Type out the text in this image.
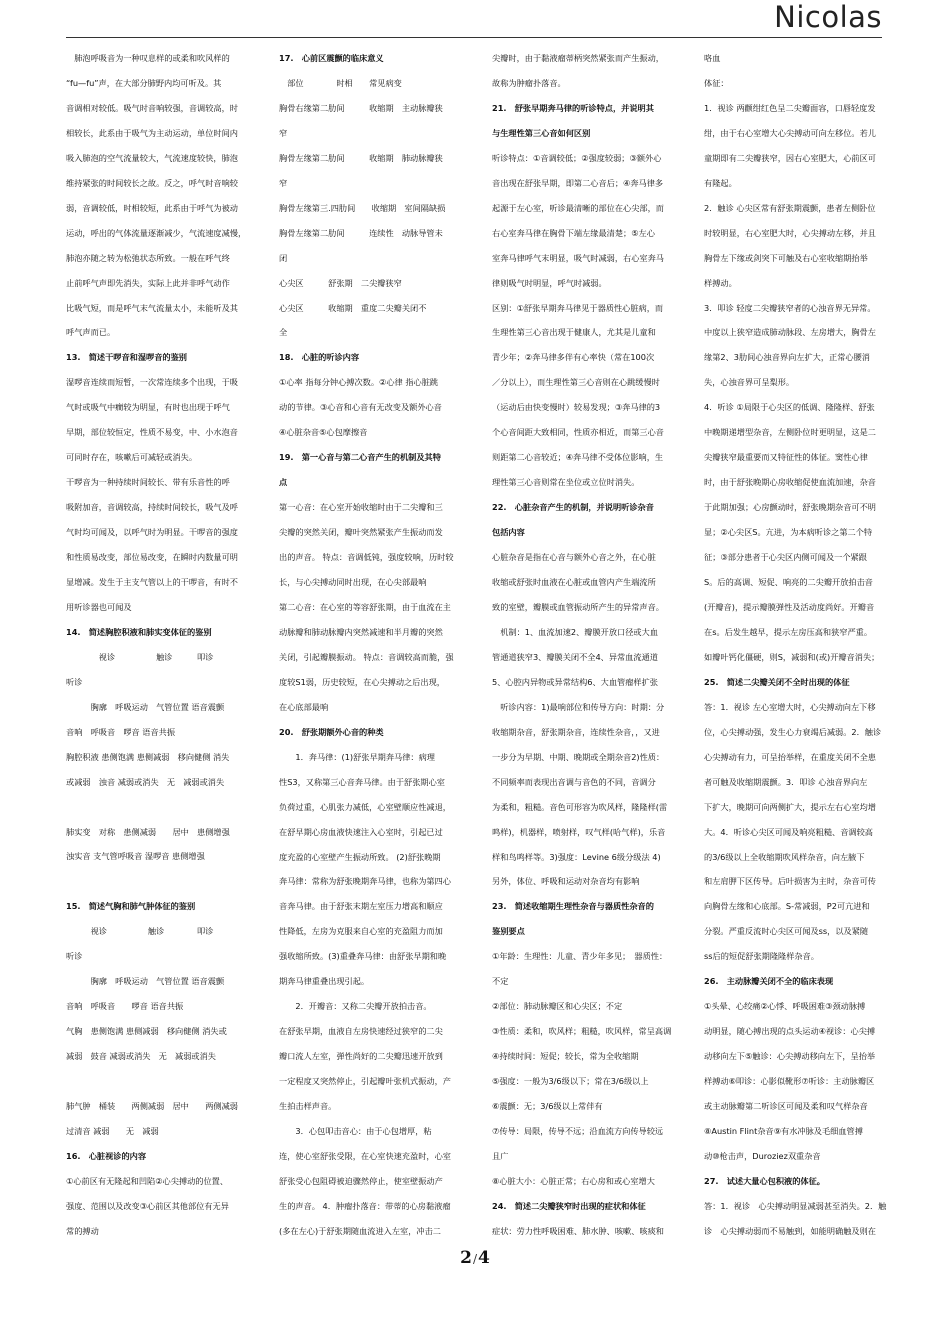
Nicolas

　肺泡呼吸音为一种叹息样的或柔和吹风样的

“fu—fu”声，在大部分肺野内均可听及。其

音调相对较低。吸气时音响较强，音调较高，时

相较长，此系由于吸气为主动运动，单位时间内

吸入肺泡的空气流量较大，气流速度较快，肺泡

维持紧张的时间较长之故。反之，呼气时音响较

弱，音调较低，时相较短，此系由于呼气为被动

运动，呼出的气体流量逐渐减少，气流速度减慢，

肺泡亦随之转为松弛状态所致。一般在呼气终

止前呼气声即先消失，实际上此并非呼气动作

比吸气短，而是呼气末气流量太小，未能听及其

呼气声而已。

13.　简述干啰音和湿啰音的鉴别

湿啰音连续而短暂，一次常连续多个出现，于吸

气时或吸气中癎较为明显，有时也出现于呼气

早期，部位较恒定，性质不易变，中、小水泡音

可同时存在，咳嗽后可减轻或消失。

干啰音为一种持续时间较长、带有乐音性的呼

吸附加音，音调较高，持续时间较长，吸气及呼

气时均可闻及，以呼气时为明显。干啰音的强度

和性质易改变，部位易改变，在瞬时内数量可明

显增减。发生于主支气管以上的干啰音，有时不

用听诊器也可闻及

14.　简述胸腔积液和肺实变体征的鉴别

　　　　视诊　　　　　触诊　　　叩诊

听诊

　　　胸廓　呼吸运动　气管位置 语音震颤

音响　呼吸音　啰音 语音共振

胸腔积液 患侧饱满 患侧减弱　移向健侧 消失

或减弱　浊音 减弱或消失　无　减弱或消失

肺实变　对称　患侧减弱　　居中　患侧增强

浊实音 支气管呼吸音 湿啰音 患侧增强

15.　简述气胸和肺气肿体征的鉴别

　　　视诊　　　　　触诊　　　　叩诊

听诊

　　　胸廓　呼吸运动　气管位置 语音震颤

音响　呼吸音　　啰音 语音共振

气胸　患侧饱满 患侧减弱　移向健侧 消失或

减弱　鼓音 减弱或消失　无　减弱或消失

肺气肿　桶装　　两侧减弱　居中　　两侧减弱

过清音 减弱　　无　减弱

16.　心脏视诊的内容

①心前区有无隆起和凹陷②心尖搏动的位置、

强度、范围以及改变③心前区其他部位有无异

常的搏动

17.　心前区震颤的临床意义

　部位　　　　时相　　常见病变

胸骨右缘第二肋间　　　收缩期　主动脉瓣狭

窄

胸骨左缘第二肋间　　　收缩期　肺动脉瓣狭

窄

胸骨左缘第三.四肋间　　收缩期　室间隔缺损

胸骨左缘第二肋间　　　连续性　动脉导管未

闭

心尖区　　　舒张期　二尖瓣狭窄

心尖区　　　收缩期　重度二尖瓣关闭不

全

18.　心脏的听诊内容

①心率 指每分钟心搏次数。②心律 指心脏跳

动的节律。③心音和心音有无改变及额外心音

④心脏杂音⑤心包摩擦音

19.　第一心音与第二心音产生的机制及其特

点

第一心音：在心室开始收缩时由于二尖瓣和三

尖瓣的突然关闭，瓣叶突然紧张产生振动而发

出的声音。 特点：音调低钝，强度较响，历时较

长，与心尖搏动同时出现，在心尖部最响

第二心音：在心室的等容舒张期，由于血流在主

动脉瓣和肺动脉瓣内突然减速和半月瓣的突然

关闭，引起瓣膜振动。 特点：音调较高而脆，强

度较S1弱，历史较短，在心尖搏动之后出现，

在心底部最响

20.　舒张期额外心音的种类

　　1．奔马律：(1)舒张早期奔马律：病理

性S3，又称第三心音奔马律。由于舒张期心室

负荷过重，心肌张力减低，心室壁顺应性减退，

在舒早期心房血液快速注入心室时，引起已过

度充盈的心室壁产生振动所致。 (2)舒张晚期

奔马律：常称为舒张晚期奔马律，也称为第四心

音奔马律。由于舒张末期左室压力增高和顺应

性降低，左房为克服来自心室的充盈阻力而加

强收缩所致。(3)重叠奔马律：由舒张早期和晚

期奔马律重叠出现引起。

　　2．开瓣音：又称二尖瓣开放拍击音。

在舒张早期，血液自左房快速经过狭窄的二尖

瓣口流人左室，弹性尚好的二尖瓣迅速开放到

一定程度又突然停止，引起瓣叶张机式振动，产

生拍击样声音。

　　3．心包叩击音心：由于心包增厚，粘

连，使心室舒张受限，在心室快速充盈时，心室

舒张受心包阻碍被迫骤然停止，使室壁振动产

生的声音。 4．肿瘤扑落音：带蒂的心房黏液瘤

(多在左心)于舒张期随血流进入左室，冲击二

尖瓣时，由于黏液瘤蒂柄突然紧张而产生振动，

故称为肿瘤扑落音。

21.　舒张早期奔马律的听诊特点，并说明其

与生理性第三心音如何区别

听诊特点：①音调较低；②强度较弱；③额外心

音出现在舒张早期，即第二心音后；④奔马律多

起源于左心室，听诊最清晰的部位在心尖部，而

右心室奔马律在胸骨下端左缘最清楚；⑤左心

室奔马律呼气末明显，吸气时减弱，右心室奔马

律则吸气时明显，呼气时减弱。

区别：①舒张早期奔马律见于器质性心脏病，而

生理性第三心音出现于健康人，尤其是儿童和

青少年；②奔马律多伴有心率快（常在100次

／分以上），而生理性第三心音则在心跳缓慢时

（运动后由快变慢时）较易发现；③奔马律的3

个心音间距大致相同，性质亦相近，而第三心音

则距第二心音较近；④奔马律不受体位影响，生

理性第三心音则常在坐位或立位时消失。

22.　心脏杂音产生的机制，并说明听诊杂音

包括内容

心脏杂音是指在心音与额外心音之外，在心脏

收缩或舒张时血液在心脏或血管内产生端流所

致的室壁，瓣膜或血管振动所产生的异常声音。

　机制：1、血流加速2、瓣膜开放口径或大血

管通道狭窄3、瓣膜关闭不全4、异常血流通道

5、心腔内异物或异常结构6、大血管瘤样扩张

　听诊内容：1)最响部位和传导方向：时期：分

收缩期杂音，舒张期杂音，连续性杂音，，又进

一步分为早期、中期、晚期或全期杂音2)性质：

不同频率而表现出音调与音色的不同，音调分

为柔和，粗糙。音色可形容为吹风样，隆隆样(雷

鸣样)，机器样，喷射样，叹气样(哈气样)，乐音

样和鸟鸣样等。3)强度：Levine 6级分级法 4)

另外，体位、呼吸和运动对杂音均有影响

23.　简述收缩期生理性杂音与器质性杂音的

鉴别要点

①年龄：生理性：儿童、青少年多见；　器质性：

不定

②部位：肺动脉瓣区和心尖区；不定

③性质：柔和，吹风样；粗糙，吹风样，常呈高调

④持续时间：短促；较长，常为全收缩期

⑤强度：一般为3/6级以下；常在3/6级以上

⑥震颤：无；3/6级以上常伴有

⑦传导：局限，传导不远；沿血流方向传导较远

且广

⑧心脏大小：心脏正常；右心房和或心室增大

24.　简述二尖瓣狭窄时出现的症状和体征

症状：劳力性呼吸困难、肺水肿、咳嗽、咳痰和

咯血

体征：

1．视诊 两颧绀红色呈二尖瓣面容，口唇轻度发

绀，由于右心室增大心尖搏动可向左移位。若儿

童期即有二尖瓣狭窄，因右心室肥大，心前区可

有隆起。

2．触诊 心尖区常有舒张期震颤，患者左侧卧位

时较明显，右心室肥大时，心尖搏动左移，并且

胸骨左下缘或剑突下可触及右心室收缩期抬举

样搏动。

3．叩诊 轻度二尖瓣狭窄者的心浊音界无异常。

中度以上狭窄造成肺动脉段、左房增大，胸骨左

缘第2、3肋间心浊音界向左扩大，正常心腰消

失，心浊音界可呈梨形。

4．听诊 ①局限于心尖区的低调、隆隆样、舒张

中晚期递增型杂音，左侧卧位时更明显，这是二

尖瓣狭窄最重要而又特征性的体征。窦性心律

时，由于舒张晚期心房收缩促使血流加速，杂音

于此期加强；心房颤动时，舒张晚期杂音可不明

显；②心尖区S。亢进，为本病听诊之第二个特

征；③部分患者于心尖区内侧可闻及一个紧跟

S。后的高调、短促、响亮的二尖瓣开放拍击音

(开瓣音)，提示瓣膜弹性及活动度尚好。开瓣音

在s。后发生越早，提示左房压高和狭窄严重。

如瓣叶钙化僵硬，则S，减弱和(或)开瓣音消失；

25.　简述二尖瓣关闭不全时出现的体征

答：1．视诊 左心室增大时，心尖搏动向左下移

位，心尖搏动强，发生心力衰竭后减弱。2．触诊

心尖搏动有力，可呈抬举样，在重度关闭不全患

者可触及收缩期震颤。3．叩诊 心浊音界向左

下扩大，晚期可向两侧扩大，提示左右心室均增

大。4．听诊心尖区可闻及响亮粗糙、音调较高

的3/6级以上全收缩期吹风样杂音，向左腋下

和左肩胛下区传导。后叶损害为主时，杂音可传

向胸骨左缘和心底部。S-常减弱，P2可亢进和

分裂。严重反流时心尖区可闻及ss，以及紧随

ss后的短促舒张期隆隆样杂音。

26.　主动脉瓣关闭不全的临床表现

①头晕、心绞痛②心悸、呼吸困难③颈动脉搏

动明显，随心搏出现的点头运动④视诊：心尖搏

动移向左下⑤触诊：心尖搏动移向左下，呈抬举

样搏动⑥叩诊：心影似靴形⑦听诊：主动脉瓣区

或主动脉瓣第二听诊区可闻及柔和叹气样杂音

⑧Austin Flint杂音⑨有水冲脉及毛细血管搏

动⑩枪击声，Duroziez双重杂音

27.　试述大量心包积液的体征。

答：1．视诊　心尖搏动明显减弱甚至消失。2．触

诊　心尖搏动弱而不易触到，如能明确触及则在

2/4
